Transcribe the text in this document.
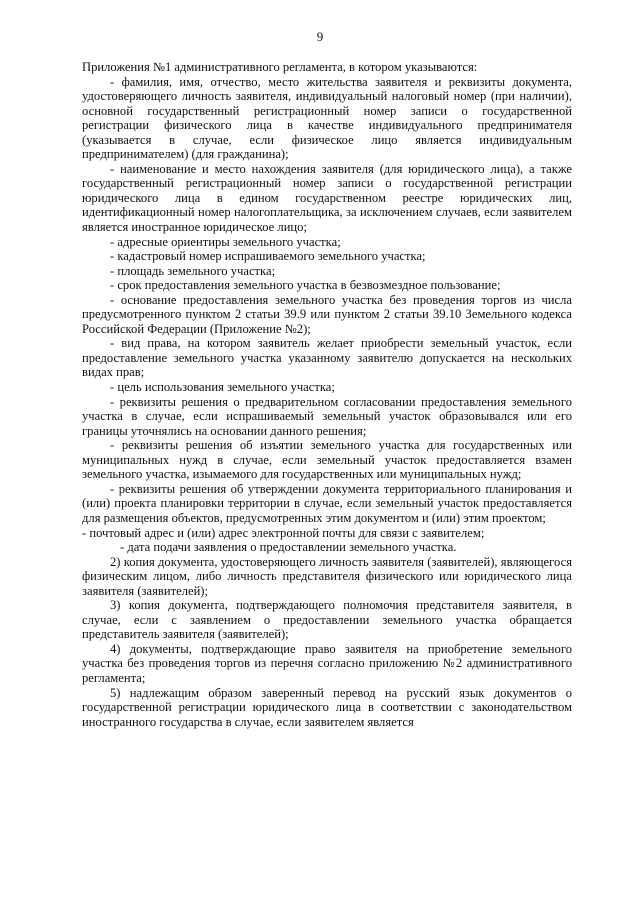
9

Приложения №1 административного регламента, в котором указываются:

- фамилия, имя, отчество, место жительства заявителя и реквизиты документа, удостоверяющего личность заявителя, индивидуальный налоговый номер (при наличии), основной государственный регистрационный номер записи о государственной регистрации физического лица в качестве индивидуального предпринимателя (указывается в случае, если физическое лицо является индивидуальным предпринимателем) (для гражданина);

- наименование и место нахождения заявителя (для юридического лица), а также государственный регистрационный номер записи о государственной регистрации юридического лица в едином государственном реестре юридических лиц, идентификационный номер налогоплательщика, за исключением случаев, если заявителем является иностранное юридическое лицо;

- адресные ориентиры земельного участка;

- кадастровый номер испрашиваемого земельного участка;

- площадь земельного участка;

- срок предоставления земельного участка в безвозмездное пользование;

- основание предоставления земельного участка без проведения торгов из числа предусмотренного пунктом 2 статьи 39.9 или пунктом 2 статьи 39.10 Земельного кодекса Российской Федерации (Приложение №2);

- вид права, на котором заявитель желает приобрести земельный участок, если предоставление земельного участка указанному заявителю допускается на нескольких видах прав;

- цель использования земельного участка;

- реквизиты решения о предварительном согласовании предоставления земельного участка в случае, если испрашиваемый земельный участок образовывался или его границы уточнялись на основании данного решения;

- реквизиты решения об изъятии земельного участка для государственных или муниципальных нужд в случае, если земельный участок предоставляется взамен земельного участка, изымаемого для государственных или муниципальных нужд;

- реквизиты решения об утверждении документа территориального планирования и (или) проекта планировки территории в случае, если земельный участок предоставляется для размещения объектов, предусмотренных этим документом и (или) этим проектом;

- почтовый адрес и (или) адрес электронной почты для связи с заявителем;

- дата подачи заявления о предоставлении земельного участка.

2) копия документа, удостоверяющего личность заявителя (заявителей), являющегося физическим лицом, либо личность представителя физического или юридического лица заявителя (заявителей);

3) копия документа, подтверждающего полномочия представителя заявителя, в случае, если с заявлением о предоставлении земельного участка обращается представитель заявителя (заявителей);

4) документы, подтверждающие право заявителя на приобретение земельного участка без проведения торгов из перечня согласно приложению №2 административного регламента;

5) надлежащим образом заверенный перевод на русский язык документов о государственной регистрации юридического лица в соответствии с законодательством иностранного государства в случае, если заявителем является
